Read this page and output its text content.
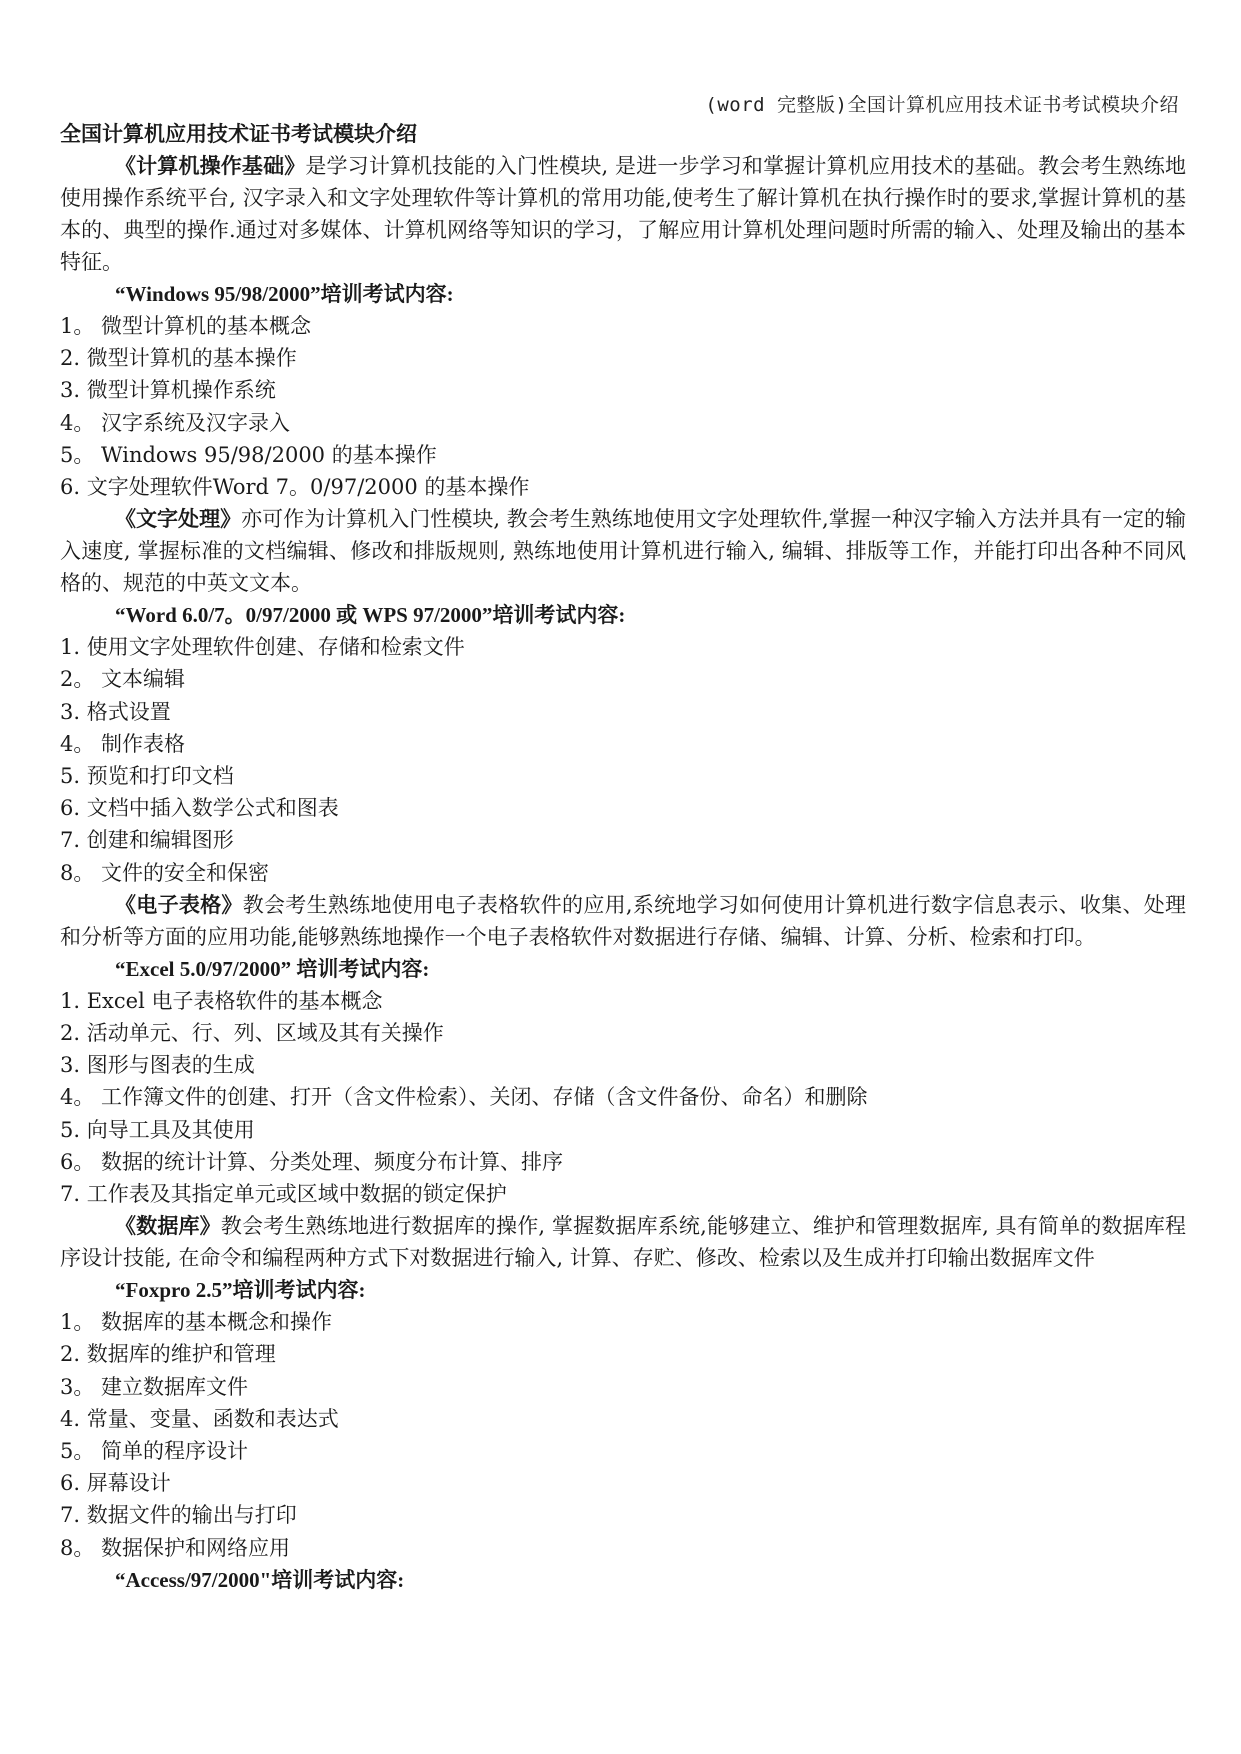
(word 完整版)全国计算机应用技术证书考试模块介绍
全国计算机应用技术证书考试模块介绍

《计算机操作基础》是学习计算机技能的入门性模块, 是进一步学习和掌握计算机应用技术的基础。教会考生熟练地使用操作系统平台, 汉字录入和文字处理软件等计算机的常用功能,使考生了解计算机在执行操作时的要求,掌握计算机的基本的、典型的操作.通过对多媒体、计算机网络等知识的学习，了解应用计算机处理问题时所需的输入、处理及输出的基本特征。

“Windows 95/98/2000”培训考试内容:
1。 微型计算机的基本概念
2. 微型计算机的基本操作
3. 微型计算机操作系统
4。 汉字系统及汉字录入
5。 Windows 95/98/2000 的基本操作
6. 文字处理软件Word 7。0/97/2000 的基本操作

《文字处理》亦可作为计算机入门性模块, 教会考生熟练地使用文字处理软件,掌握一种汉字输入方法并具有一定的输入速度, 掌握标准的文档编辑、修改和排版规则, 熟练地使用计算机进行输入, 编辑、排版等工作，并能打印出各种不同风格的、规范的中英文文本。

“Word 6.0/7。0/97/2000 或 WPS 97/2000”培训考试内容:
1. 使用文字处理软件创建、存储和检索文件
2。 文本编辑
3. 格式设置
4。 制作表格
5. 预览和打印文档
6. 文档中插入数学公式和图表
7. 创建和编辑图形
8。 文件的安全和保密

《电子表格》教会考生熟练地使用电子表格软件的应用,系统地学习如何使用计算机进行数字信息表示、收集、处理和分析等方面的应用功能,能够熟练地操作一个电子表格软件对数据进行存储、编辑、计算、分析、检索和打印。

“Excel 5.0/97/2000” 培训考试内容:
1. Excel 电子表格软件的基本概念
2. 活动单元、行、列、区域及其有关操作
3. 图形与图表的生成
4。 工作簿文件的创建、打开（含文件检索）、关闭、存储（含文件备份、命名）和删除
5. 向导工具及其使用
6。 数据的统计计算、分类处理、频度分布计算、排序
7. 工作表及其指定单元或区域中数据的锁定保护

《数据库》教会考生熟练地进行数据库的操作, 掌握数据库系统,能够建立、维护和管理数据库, 具有简单的数据库程序设计技能, 在命令和编程两种方式下对数据进行输入, 计算、存贮、修改、检索以及生成并打印输出数据库文件

“Foxpro 2.5”培训考试内容:
1。 数据库的基本概念和操作
2. 数据库的维护和管理
3。 建立数据库文件
4. 常量、变量、函数和表达式
5。 简单的程序设计
6. 屏幕设计
7. 数据文件的输出与打印
8。 数据保护和网络应用
“Access/97/2000"培训考试内容:
